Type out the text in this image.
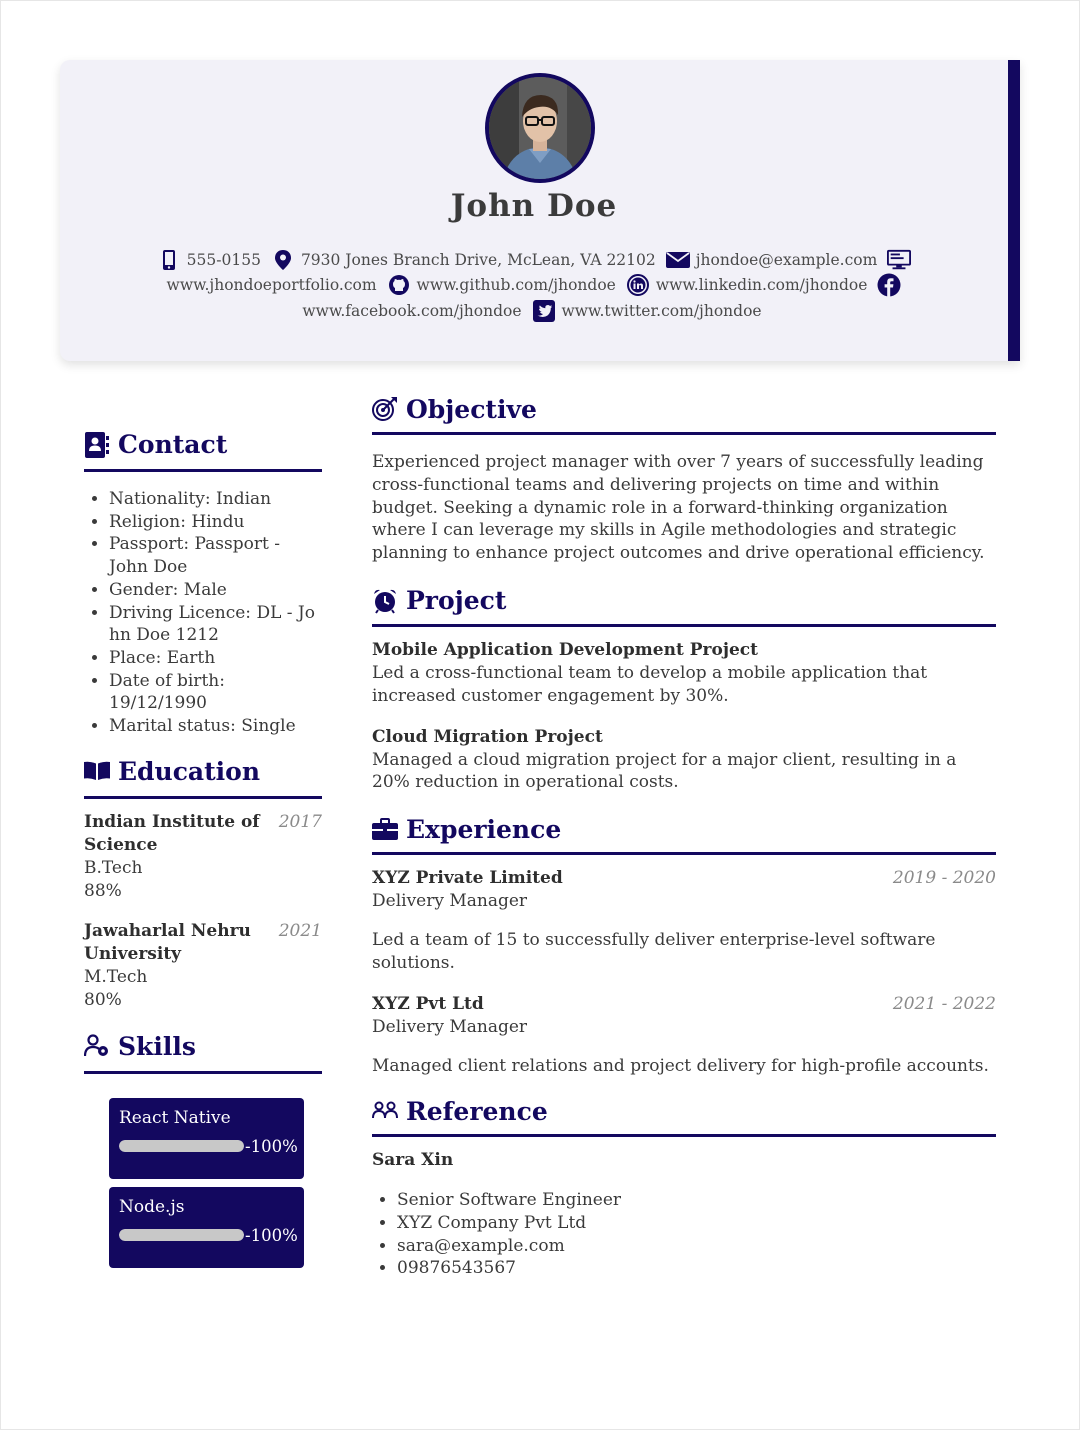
John Doe
555-0155	7930 Jones Branch Drive, McLean, VA 22102	jhondoe@example.com
www.jhondoeportfolio.com	www.github.com/jhondoe	www.linkedin.com/jhondoe
www.facebook.com/jhondoe	www.twitter.com/jhondoe
Contact
• Nationality: Indian
• Religion: Hindu
• Passport: Passport - John Doe
• Gender: Male
• Driving Licence: DL - John Doe 1212
• Place: Earth
• Date of birth: 19/12/1990
• Marital status: Single
Education
Indian Institute of Science
2017
B.Tech
88%
Jawaharlal Nehru University
2021
M.Tech
80%
Skills
React Native
-100%
Node.js
-100%
Objective
Experienced project manager with over 7 years of successfully leading cross-functional teams and delivering projects on time and within budget. Seeking a dynamic role in a forward-thinking organization where I can leverage my skills in Agile methodologies and strategic planning to enhance project outcomes and drive operational efficiency.
Project
Mobile Application Development Project
Led a cross-functional team to develop a mobile application that increased customer engagement by 30%.
Cloud Migration Project
Managed a cloud migration project for a major client, resulting in a 20% reduction in operational costs.
Experience
XYZ Private Limited	2019 - 2020
Delivery Manager
Led a team of 15 to successfully deliver enterprise-level software solutions.
XYZ Pvt Ltd	2021 - 2022
Delivery Manager
Managed client relations and project delivery for high-profile accounts.
Reference
Sara Xin
• Senior Software Engineer
• XYZ Company Pvt Ltd
• sara@example.com
• 09876543567
